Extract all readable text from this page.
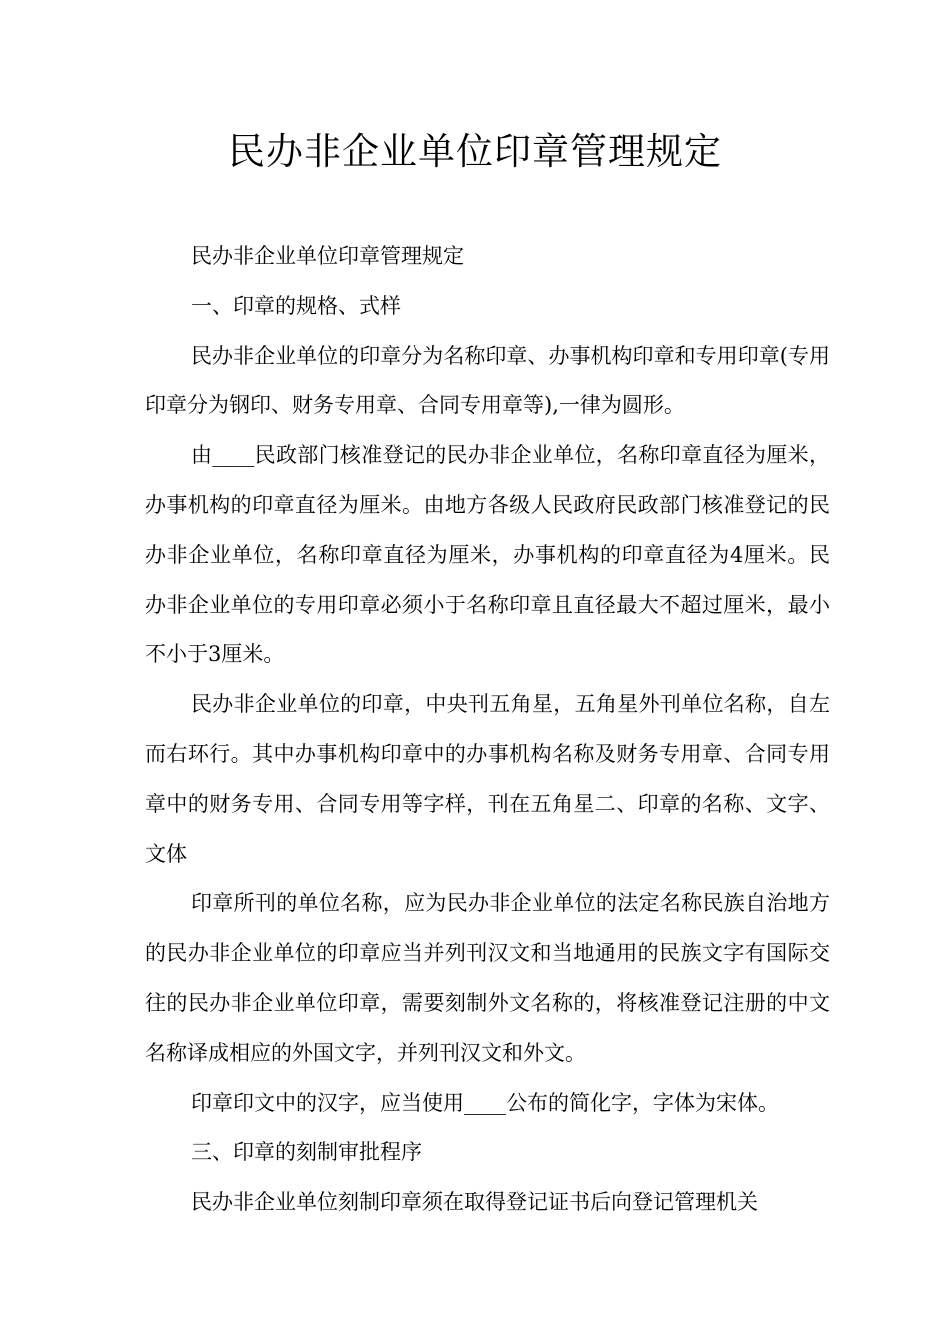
民办非企业单位印章管理规定

民办非企业单位印章管理规定

一、印章的规格、式样

民办非企业单位的印章分为名称印章、办事机构印章和专用印章(专用印章分为钢印、财务专用章、合同专用章等),一律为圆形。

由____民政部门核准登记的民办非企业单位，名称印章直径为厘米，办事机构的印章直径为厘米。由地方各级人民政府民政部门核准登记的民办非企业单位，名称印章直径为厘米，办事机构的印章直径为4厘米。民办非企业单位的专用印章必须小于名称印章且直径最大不超过厘米，最小不小于3厘米。

民办非企业单位的印章，中央刊五角星，五角星外刊单位名称，自左而右环行。其中办事机构印章中的办事机构名称及财务专用章、合同专用章中的财务专用、合同专用等字样，刊在五角星二、印章的名称、文字、文体

印章所刊的单位名称，应为民办非企业单位的法定名称民族自治地方的民办非企业单位的印章应当并列刊汉文和当地通用的民族文字有国际交往的民办非企业单位印章，需要刻制外文名称的，将核准登记注册的中文名称译成相应的外国文字，并列刊汉文和外文。

印章印文中的汉字，应当使用____公布的简化字，字体为宋体。

三、印章的刻制审批程序

民办非企业单位刻制印章须在取得登记证书后向登记管理机关
